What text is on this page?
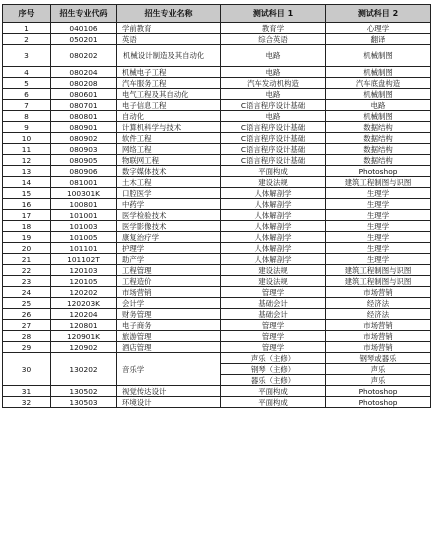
序号	招生专业代码	招生专业名称	测试科目 1	测试科目 2
1	040106	学前教育	教育学	心理学
2	050201	英语	综合英语	翻译
3	080202	机械设计制造及其自动化	电路	机械制图
4	080204	机械电子工程	电路	机械制图
5	080208	汽车服务工程	汽车发动机构造	汽车底盘构造
6	080601	电气工程及其自动化	电路	机械制图
7	080701	电子信息工程	C语言程序设计基础	电路
8	080801	自动化	电路	机械制图
9	080901	计算机科学与技术	C语言程序设计基础	数据结构
10	080902	软件工程	C语言程序设计基础	数据结构
11	080903	网络工程	C语言程序设计基础	数据结构
12	080905	物联网工程	C语言程序设计基础	数据结构
13	080906	数字媒体技术	平面构成	Photoshop
14	081001	土木工程	建设法规	建筑工程制图与识图
15	100301K	口腔医学	人体解剖学	生理学
16	100801	中药学	人体解剖学	生理学
17	101001	医学检验技术	人体解剖学	生理学
18	101003	医学影像技术	人体解剖学	生理学
19	101005	康复治疗学	人体解剖学	生理学
20	101101	护理学	人体解剖学	生理学
21	101102T	助产学	人体解剖学	生理学
22	120103	工程管理	建设法规	建筑工程制图与识图
23	120105	工程造价	建设法规	建筑工程制图与识图
24	120202	市场营销	管理学	市场营销
25	120203K	会计学	基础会计	经济法
26	120204	财务管理	基础会计	经济法
27	120801	电子商务	管理学	市场营销
28	120901K	旅游管理	管理学	市场营销
29	120902	酒店管理	管理学	市场营销
30	130202	音乐学	声乐（主修）	钢琴或器乐
			钢琴（主修）	声乐
			器乐（主修）	声乐
31	130502	视觉传达设计	平面构成	Photoshop
32	130503	环境设计	平面构成	Photoshop
